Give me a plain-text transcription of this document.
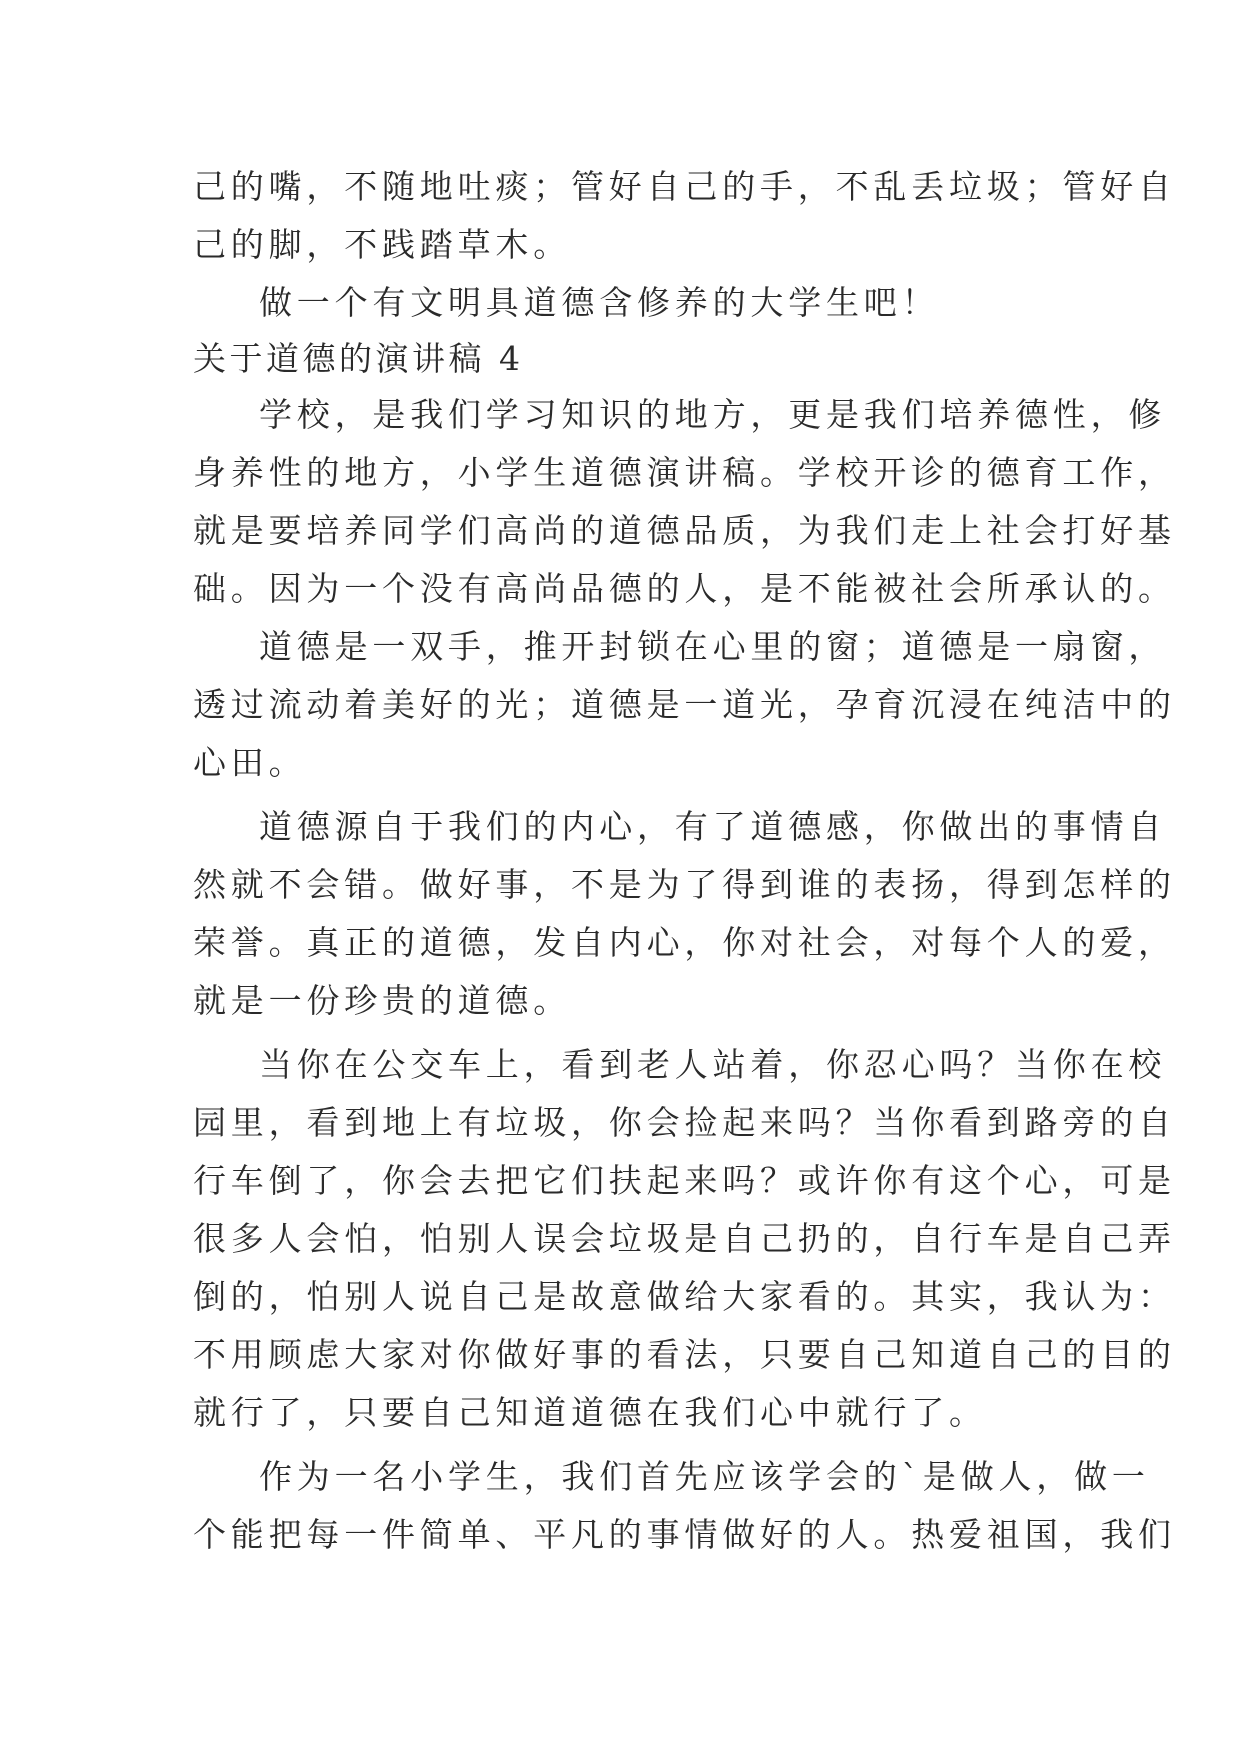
己的嘴，不随地吐痰；管好自己的手，不乱丢垃圾；管好自
己的脚，不践踏草木。
做一个有文明具道德含修养的大学生吧！
关于道德的演讲稿 4
学校，是我们学习知识的地方，更是我们培养德性，修
身养性的地方，小学生道德演讲稿。学校开诊的德育工作，
就是要培养同学们高尚的道德品质，为我们走上社会打好基
础。因为一个没有高尚品德的人，是不能被社会所承认的。
道德是一双手，推开封锁在心里的窗；道德是一扇窗，
透过流动着美好的光；道德是一道光，孕育沉浸在纯洁中的
心田。
道德源自于我们的内心，有了道德感，你做出的事情自
然就不会错。做好事，不是为了得到谁的表扬，得到怎样的
荣誉。真正的道德，发自内心，你对社会，对每个人的爱，
就是一份珍贵的道德。
当你在公交车上，看到老人站着，你忍心吗？当你在校
园里，看到地上有垃圾，你会捡起来吗？当你看到路旁的自
行车倒了，你会去把它们扶起来吗？或许你有这个心，可是
很多人会怕，怕别人误会垃圾是自己扔的，自行车是自己弄
倒的，怕别人说自己是故意做给大家看的。其实，我认为：
不用顾虑大家对你做好事的看法，只要自己知道自己的目的
就行了，只要自己知道道德在我们心中就行了。
作为一名小学生，我们首先应该学会的`是做人，做一
个能把每一件简单、平凡的事情做好的人。热爱祖国，我们
